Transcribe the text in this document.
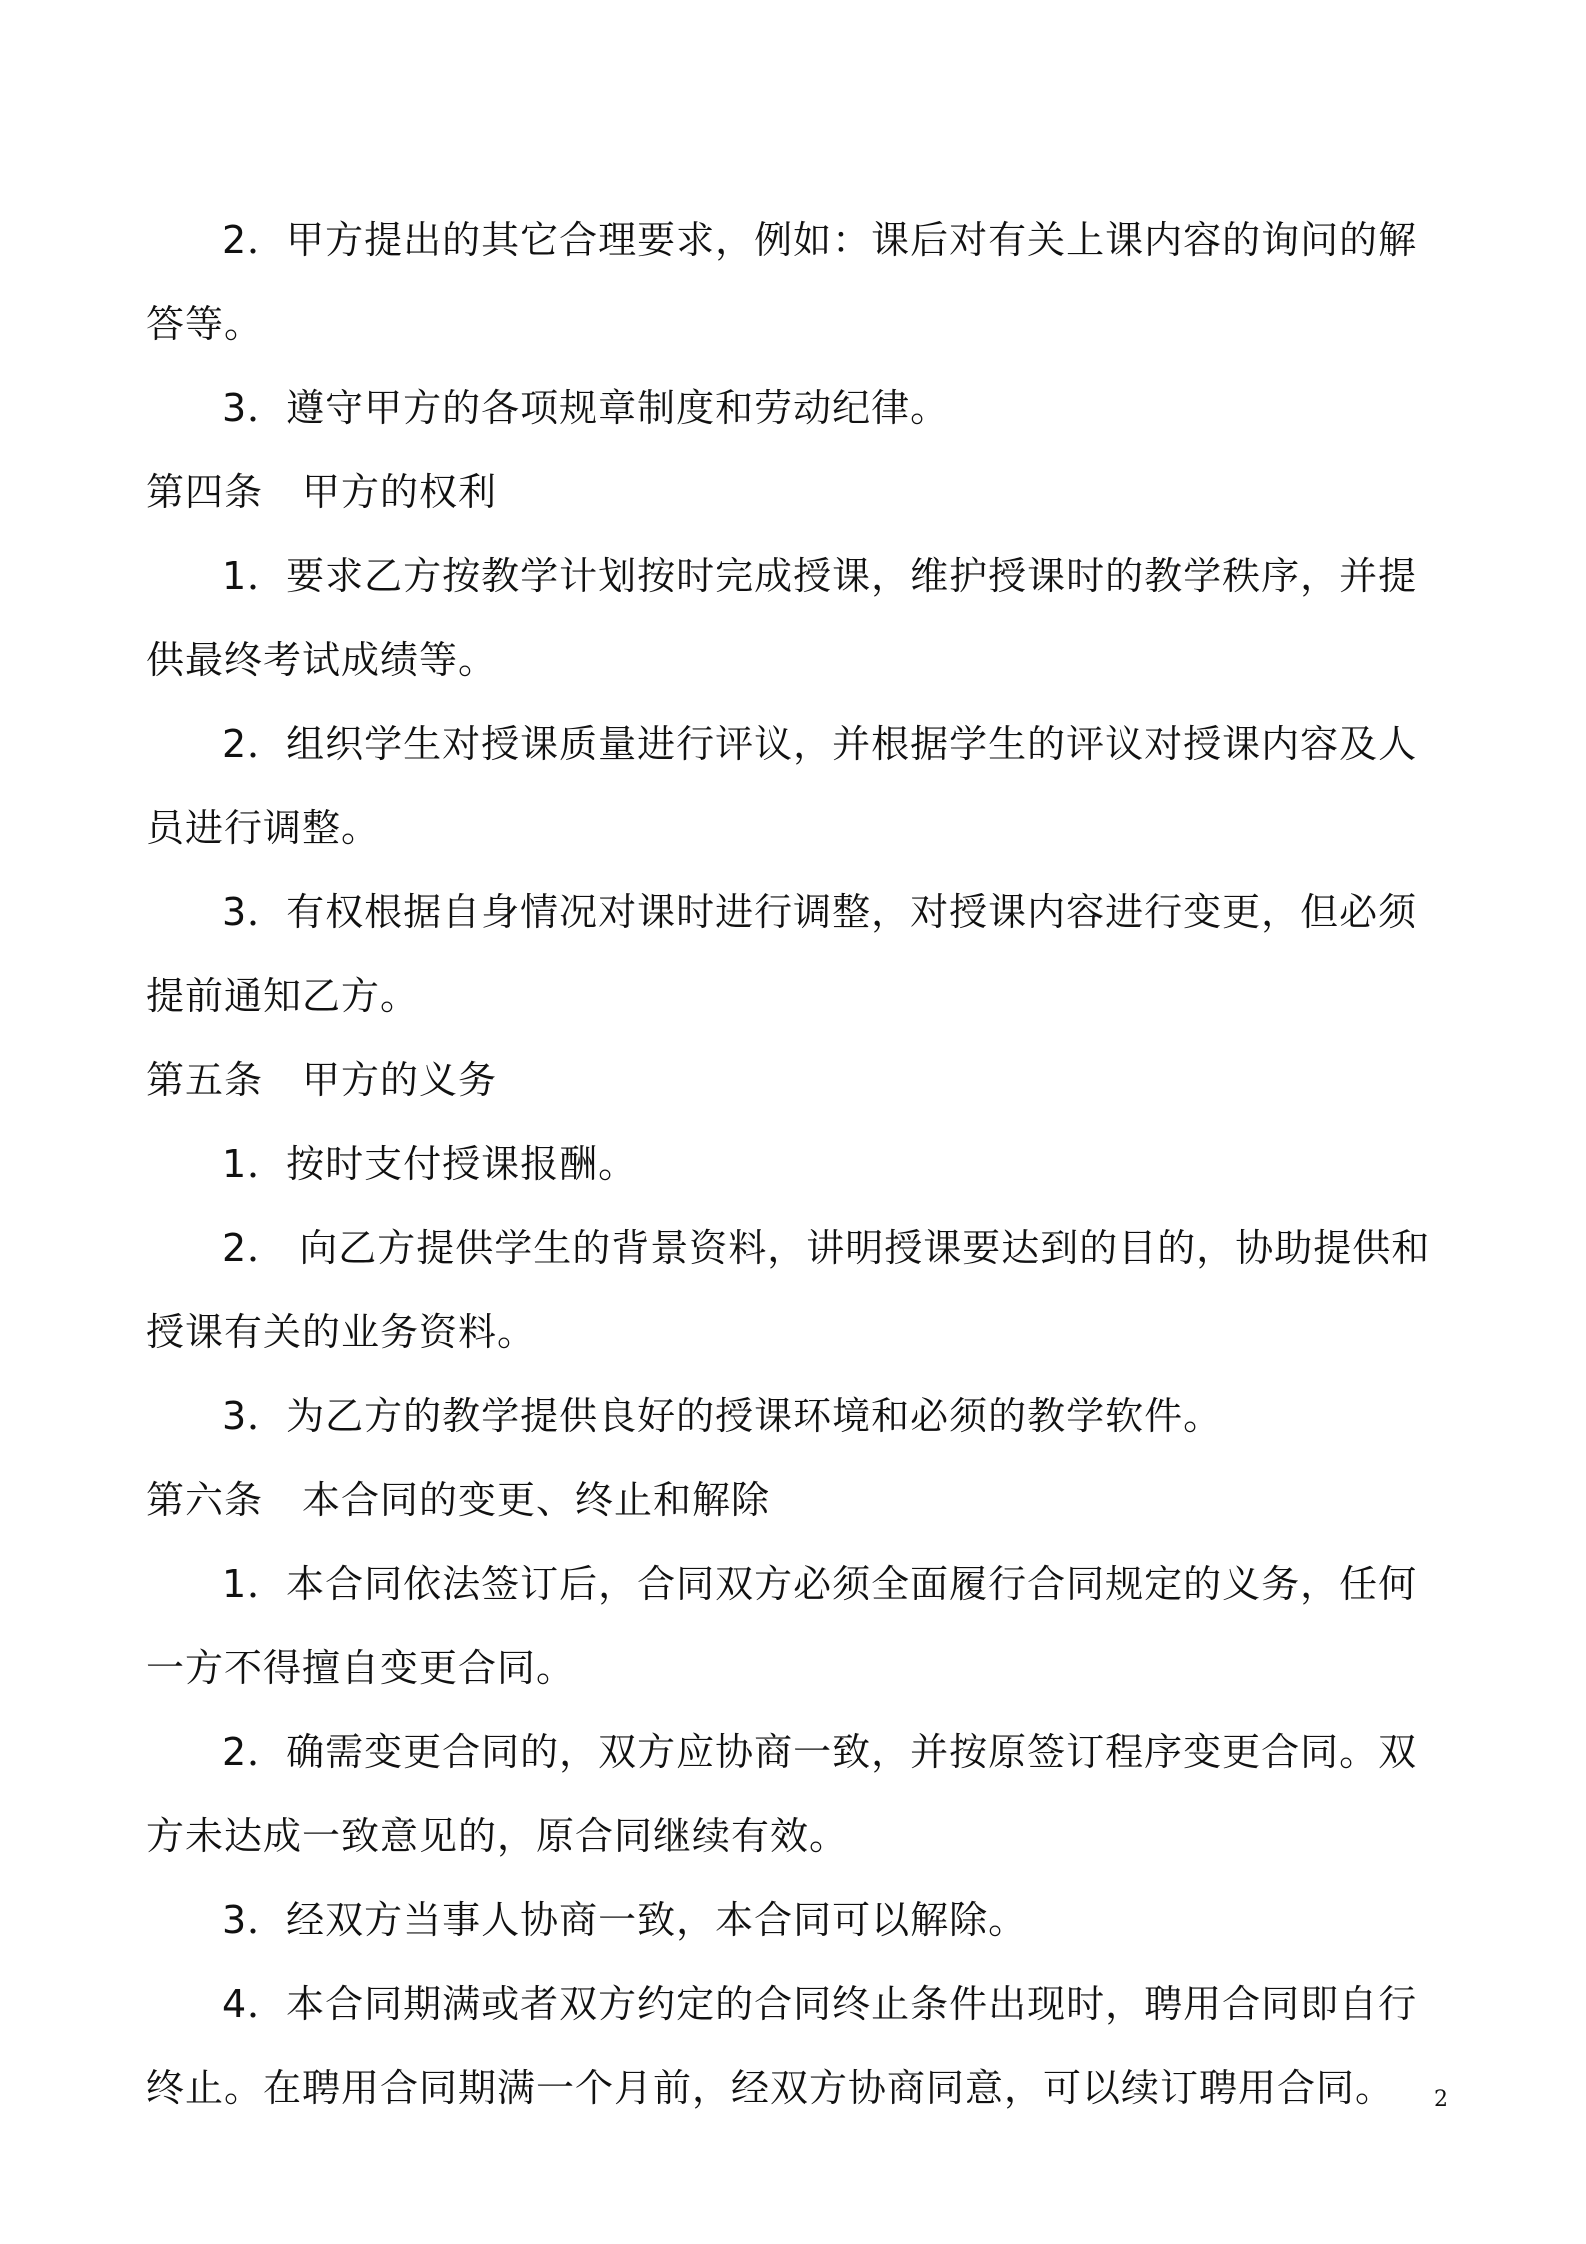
2．甲方提出的其它合理要求，例如：课后对有关上课内容的询问的解答等。

3．遵守甲方的各项规章制度和劳动纪律。

第四条　甲方的权利

1．要求乙方按教学计划按时完成授课，维护授课时的教学秩序，并提供最终考试成绩等。

2．组织学生对授课质量进行评议，并根据学生的评议对授课内容及人员进行调整。

3．有权根据自身情况对课时进行调整，对授课内容进行变更，但必须提前通知乙方。

第五条　甲方的义务

1．按时支付授课报酬。

2． 向乙方提供学生的背景资料，讲明授课要达到的目的，协助提供和授课有关的业务资料。

3．为乙方的教学提供良好的授课环境和必须的教学软件。

第六条　本合同的变更、终止和解除

1．本合同依法签订后，合同双方必须全面履行合同规定的义务，任何一方不得擅自变更合同。

2．确需变更合同的，双方应协商一致，并按原签订程序变更合同。双方未达成一致意见的，原合同继续有效。

3．经双方当事人协商一致，本合同可以解除。

4．本合同期满或者双方约定的合同终止条件出现时，聘用合同即自行终止。在聘用合同期满一个月前，经双方协商同意，可以续订聘用合同。	2
